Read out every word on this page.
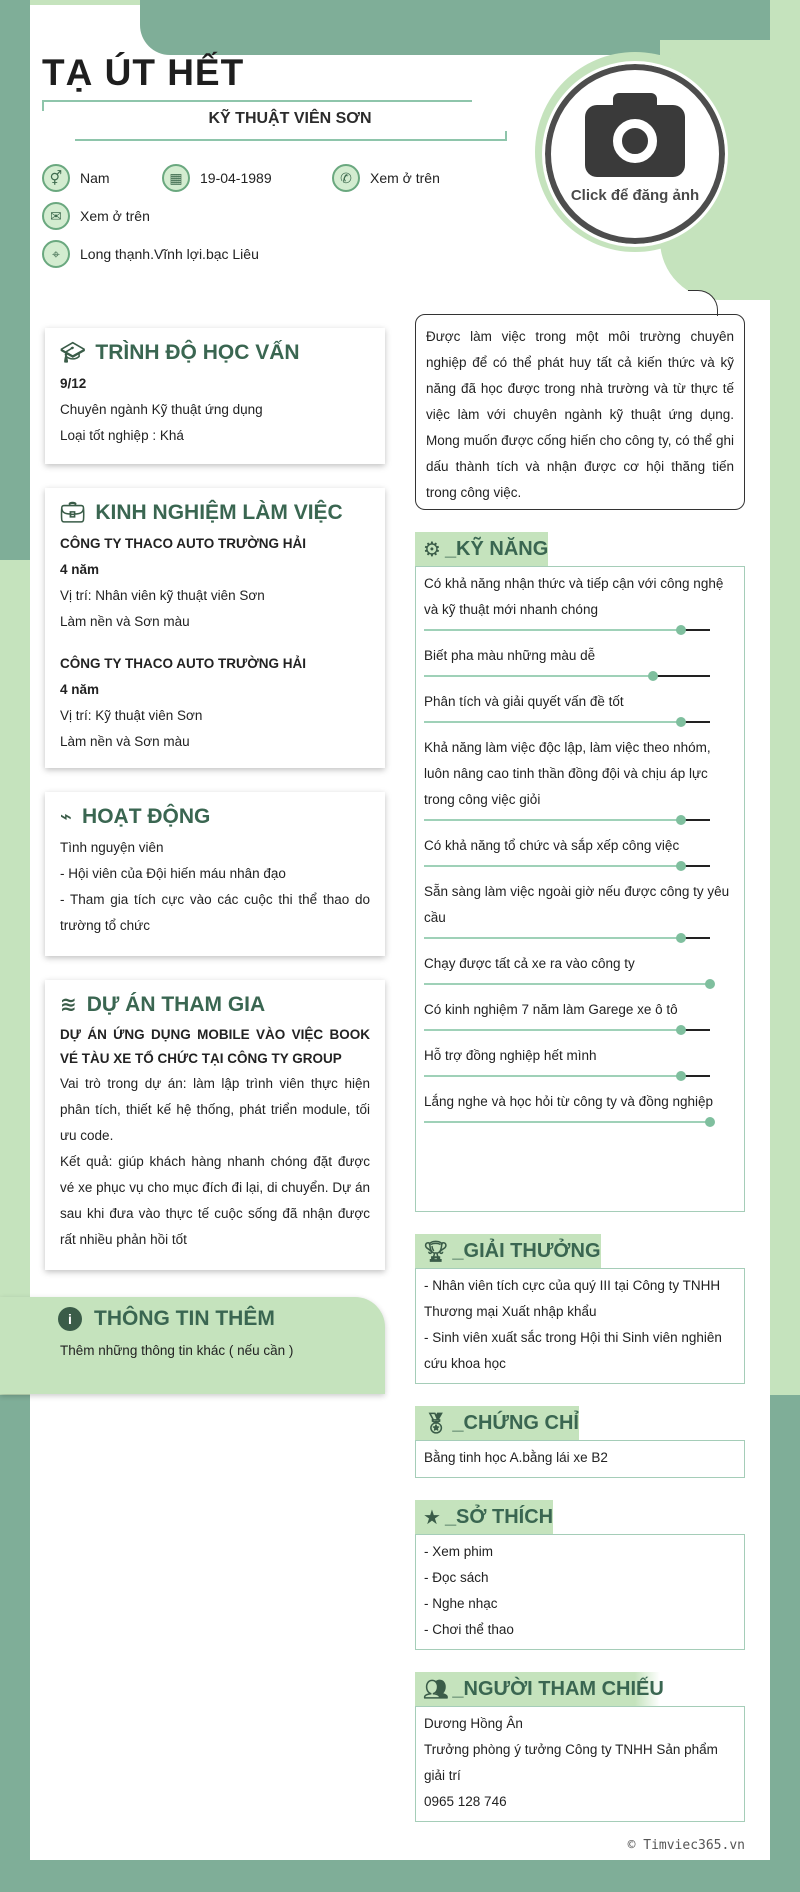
TẠ ÚT HẾT
KỸ THUẬT VIÊN SƠN
⚥	Nam	▦	19-04-1989	✆	Xem ở trên
✉	Xem ở trên
⌖	Long thạnh.Vĩnh lợi.bạc Liêu
Click để đăng ảnh
🎓︎ TRÌNH ĐỘ HỌC VẤN

9/12

Chuyên ngành Kỹ thuật ứng dụng

Loại tốt nghiệp : Khá

💼︎ KINH NGHIỆM LÀM VIỆC

CÔNG TY THACO AUTO TRƯỜNG HẢI

4 năm

Vị trí: Nhân viên kỹ thuật viên Sơn

Làm nền và Sơn màu

CÔNG TY THACO AUTO TRƯỜNG HẢI

4 năm

Vị trí: Kỹ thuật viên Sơn

Làm nền và Sơn màu

⌁ HOẠT ĐỘNG

Tình nguyện viên

- Hội viên của Đội hiến máu nhân đạo

- Tham gia tích cực vào các cuộc thi thể thao do trường tổ chức

≋ DỰ ÁN THAM GIA

DỰ ÁN ỨNG DỤNG MOBILE VÀO VIỆC BOOK VÉ TÀU XE TỔ CHỨC TẠI CÔNG TY GROUP

Vai trò trong dự án: làm lập trình viên thực hiện phân tích, thiết kế hệ thống, phát triển module, tối ưu code.

Kết quả: giúp khách hàng nhanh chóng đặt được vé xe phục vụ cho mục đích đi lại, di chuyển. Dự án sau khi đưa vào thực tế cuộc sống đã nhận được rất nhiều phản hồi tốt

i	THÔNG TIN THÊM

Thêm những thông tin khác ( nếu cần )

Được làm việc trong một môi trường chuyên nghiệp để có thể phát huy tất cả kiến thức và kỹ năng đã học được trong nhà trường và từ thực tế việc làm với chuyên ngành kỹ thuật ứng dụng. Mong muốn được cống hiến cho công ty, có thể ghi dấu thành tích và nhận được cơ hội thăng tiến trong công việc.
⚙ _KỸ NĂNG

Có khả năng nhận thức và tiếp cận với công nghệ và kỹ thuật mới nhanh chóng

Biết pha màu những màu dễ

Phân tích và giải quyết vấn đề tốt

Khả năng làm việc độc lập, làm việc theo nhóm, luôn nâng cao tinh thần đồng đội và chịu áp lực trong công việc giỏi

Có khả năng tổ chức và sắp xếp công việc

Sẵn sàng làm việc ngoài giờ nếu được công ty yêu cầu

Chạy được tất cả xe ra vào công ty

Có kinh nghiệm 7 năm làm Garege xe ô tô

Hỗ trợ đồng nghiệp hết mình

Lắng nghe và học hỏi từ công ty và đồng nghiệp

🏆︎ _GIẢI THƯỞNG

- Nhân viên tích cực của quý III tại Công ty TNHH Thương mại Xuất nhập khẩu

- Sinh viên xuất sắc trong Hội thi Sinh viên nghiên cứu khoa học

🏅︎ _CHỨNG CHỈ

Bằng tinh học A.bằng lái xe B2

★ _SỞ THÍCH

- Xem phim

- Đọc sách

- Nghe nhạc

- Chơi thể thao

👥︎ _NGƯỜI THAM CHIẾU

Dương Hồng Ân

Trưởng phòng ý tưởng Công ty TNHH Sản phẩm giải trí

0965 128 746

© Timviec365.vn
